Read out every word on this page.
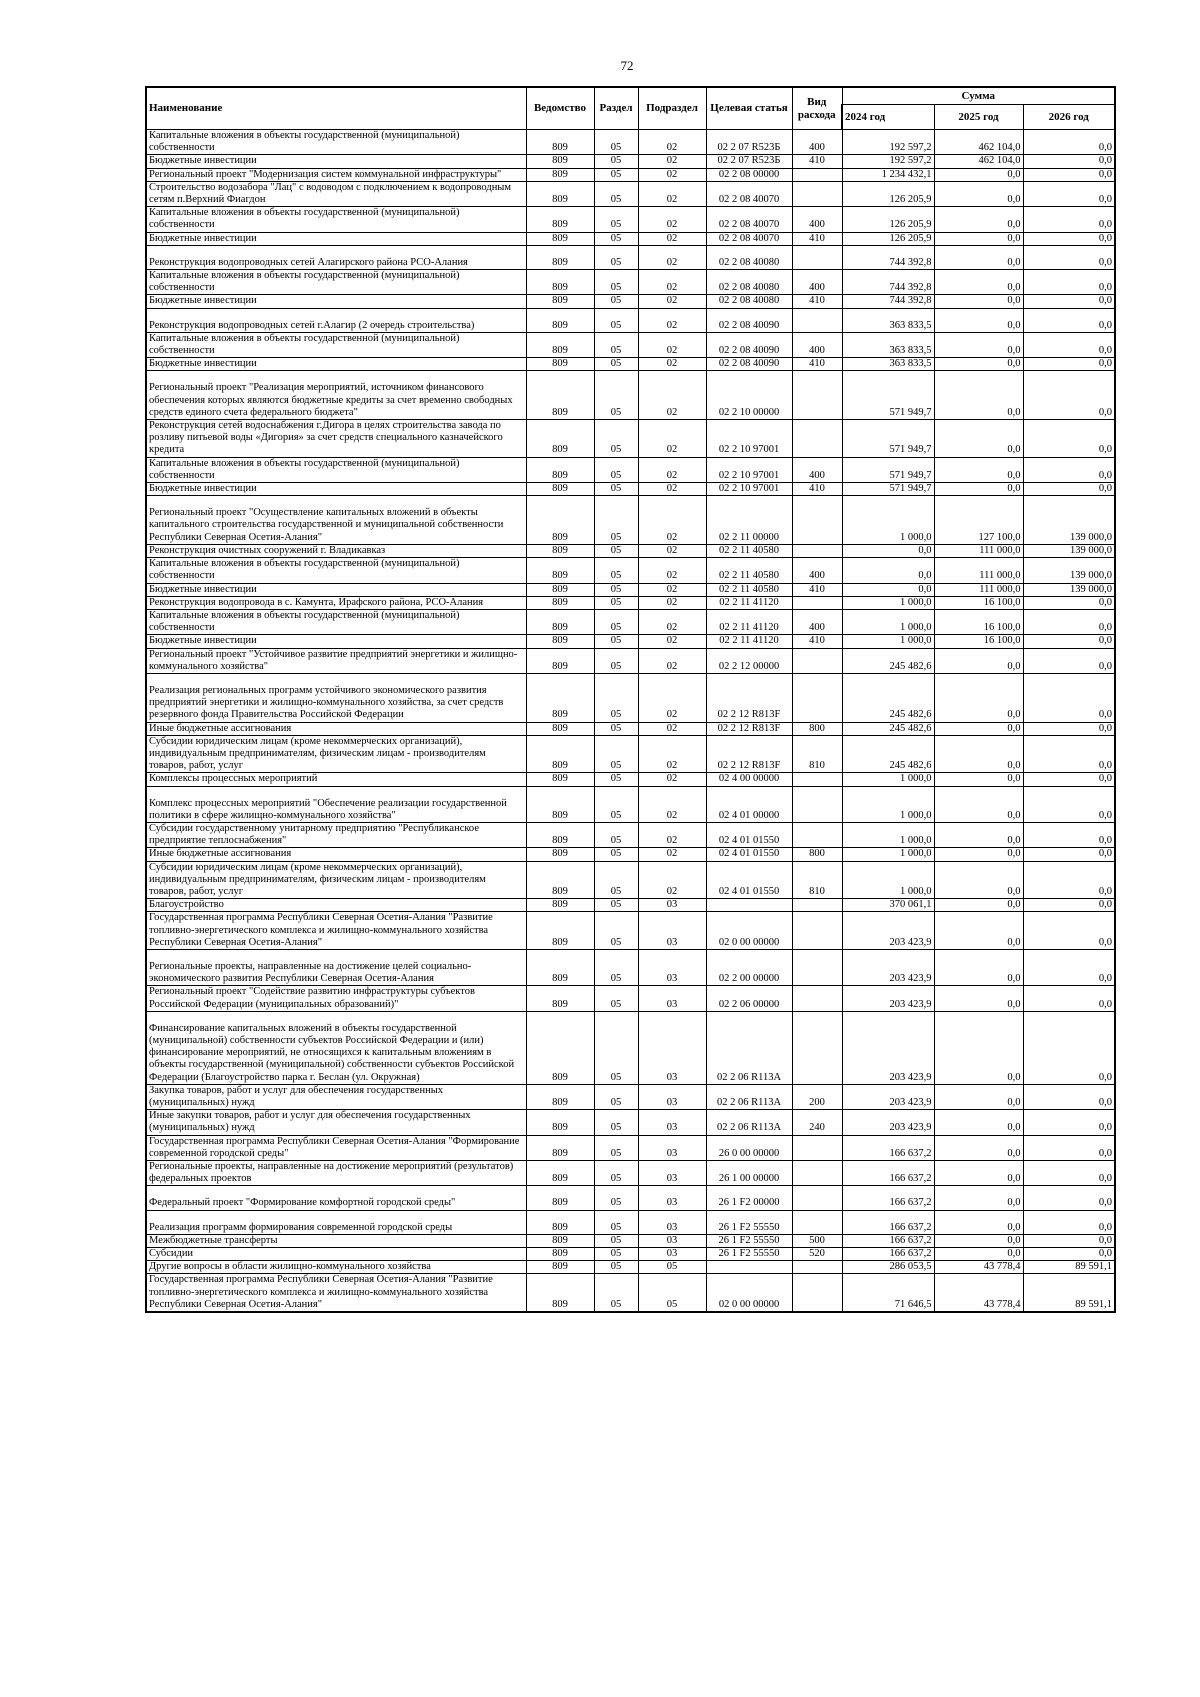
72
Наименование	Ведомство	Раздел	Подраздел	Целевая статья	Вид расхода	Сумма		
						2024 год	2025 год	2026 год
Капитальные вложения в объекты государственной (муниципальной) собственности	809	05	02	02 2 07 R523Б	400	192 597,2	462 104,0	0,0
Бюджетные инвестиции	809	05	02	02 2 07 R523Б	410	192 597,2	462 104,0	0,0
Региональный проект "Модернизация систем коммунальной инфраструктуры"	809	05	02	02 2 08 00000		1 234 432,1	0,0	0,0
Строительство водозабора "Лац" с водоводом с подключением к водопроводным сетям п.Верхний Фиагдон	809	05	02	02 2 08 40070		126 205,9	0,0	0,0
Капитальные вложения в объекты государственной (муниципальной) собственности	809	05	02	02 2 08 40070	400	126 205,9	0,0	0,0
Бюджетные инвестиции	809	05	02	02 2 08 40070	410	126 205,9	0,0	0,0
Реконструкция водопроводных сетей Алагирского района РСО-Алания	809	05	02	02 2 08 40080		744 392,8	0,0	0,0
Капитальные вложения в объекты государственной (муниципальной) собственности	809	05	02	02 2 08 40080	400	744 392,8	0,0	0,0
Бюджетные инвестиции	809	05	02	02 2 08 40080	410	744 392,8	0,0	0,0
Реконструкция водопроводных сетей г.Алагир (2 очередь строительства)	809	05	02	02 2 08 40090		363 833,5	0,0	0,0
Капитальные вложения в объекты государственной (муниципальной) собственности	809	05	02	02 2 08 40090	400	363 833,5	0,0	0,0
Бюджетные инвестиции	809	05	02	02 2 08 40090	410	363 833,5	0,0	0,0
Региональный проект "Реализация мероприятий, источником финансового обеспечения которых являются бюджетные кредиты за счет временно свободных средств единого счета федерального бюджета"	809	05	02	02 2 10 00000		571 949,7	0,0	0,0
Реконструкция сетей водоснабжения г.Дигора в целях строительства завода по розливу питьевой воды «Дигория» за счет средств специального казначейского кредита	809	05	02	02 2 10 97001		571 949,7	0,0	0,0
Капитальные вложения в объекты государственной (муниципальной) собственности	809	05	02	02 2 10 97001	400	571 949,7	0,0	0,0
Бюджетные инвестиции	809	05	02	02 2 10 97001	410	571 949,7	0,0	0,0
Региональный проект "Осуществление капитальных вложений в объекты капитального строительства государственной и муниципальной собственности Республики Северная Осетия-Алания"	809	05	02	02 2 11 00000		1 000,0	127 100,0	139 000,0
Реконструкция очистных сооружений г. Владикавказ	809	05	02	02 2 11 40580		0,0	111 000,0	139 000,0
Капитальные вложения в объекты государственной (муниципальной) собственности	809	05	02	02 2 11 40580	400	0,0	111 000,0	139 000,0
Бюджетные инвестиции	809	05	02	02 2 11 40580	410	0,0	111 000,0	139 000,0
Реконструкция водопровода в с. Камунта, Ирафского района, РСО-Алания	809	05	02	02 2 11 41120		1 000,0	16 100,0	0,0
Капитальные вложения в объекты государственной (муниципальной) собственности	809	05	02	02 2 11 41120	400	1 000,0	16 100,0	0,0
Бюджетные инвестиции	809	05	02	02 2 11 41120	410	1 000,0	16 100,0	0,0
Региональный проект "Устойчивое развитие предприятий энергетики и жилищно-коммунального хозяйства"	809	05	02	02 2 12 00000		245 482,6	0,0	0,0
Реализация региональных программ устойчивого экономического развития предприятий энергетики и жилищно-коммунального хозяйства, за счет средств резервного фонда Правительства Российской Федерации	809	05	02	02 2 12 R813F		245 482,6	0,0	0,0
Иные бюджетные ассигнования	809	05	02	02 2 12 R813F	800	245 482,6	0,0	0,0
Субсидии юридическим лицам (кроме некоммерческих организаций), индивидуальным предпринимателям, физическим лицам - производителям товаров, работ, услуг	809	05	02	02 2 12 R813F	810	245 482,6	0,0	0,0
Комплексы процессных мероприятий	809	05	02	02 4 00 00000		1 000,0	0,0	0,0
Комплекс процессных мероприятий "Обеспечение реализации государственной политики в сфере жилищно-коммунального хозяйства"	809	05	02	02 4 01 00000		1 000,0	0,0	0,0
Субсидии государственному унитарному предприятию "Республиканское предприятие теплоснабжения"	809	05	02	02 4 01 01550		1 000,0	0,0	0,0
Иные бюджетные ассигнования	809	05	02	02 4 01 01550	800	1 000,0	0,0	0,0
Субсидии юридическим лицам (кроме некоммерческих организаций), индивидуальным предпринимателям, физическим лицам - производителям товаров, работ, услуг	809	05	02	02 4 01 01550	810	1 000,0	0,0	0,0
Благоустройство	809	05	03			370 061,1	0,0	0,0
Государственная программа Республики Северная Осетия-Алания "Развитие топливно-энергетического комплекса и жилищно-коммунального хозяйства Республики Северная Осетия-Алания"	809	05	03	02 0 00 00000		203 423,9	0,0	0,0
Региональные проекты, направленные на достижение целей социально-экономического развития Республики Северная Осетия-Алания	809	05	03	02 2 00 00000		203 423,9	0,0	0,0
Региональный проект "Содействие развитию инфраструктуры субъектов Российской Федерации (муниципальных образований)"	809	05	03	02 2 06 00000		203 423,9	0,0	0,0
Финансирование капитальных вложений в объекты государственной (муниципальной) собственности субъектов Российской Федерации и (или) финансирование мероприятий, не относящихся к капитальным вложениям в объекты государственной (муниципальной) собственности субъектов Российской Федерации (Благоустройство парка г. Беслан (ул. Окружная)	809	05	03	02 2 06 R113A		203 423,9	0,0	0,0
Закупка товаров, работ и услуг для обеспечения государственных (муниципальных) нужд	809	05	03	02 2 06 R113A	200	203 423,9	0,0	0,0
Иные закупки товаров, работ и услуг для обеспечения государственных (муниципальных) нужд	809	05	03	02 2 06 R113A	240	203 423,9	0,0	0,0
Государственная программа Республики Северная Осетия-Алания "Формирование современной городской среды"	809	05	03	26 0 00 00000		166 637,2	0,0	0,0
Региональные проекты, направленные на достижение мероприятий (результатов) федеральных проектов	809	05	03	26 1 00 00000		166 637,2	0,0	0,0
Федеральный проект "Формирование комфортной городской среды"	809	05	03	26 1 F2 00000		166 637,2	0,0	0,0
Реализация программ формирования современной городской среды	809	05	03	26 1 F2 55550		166 637,2	0,0	0,0
Межбюджетные трансферты	809	05	03	26 1 F2 55550	500	166 637,2	0,0	0,0
Субсидии	809	05	03	26 1 F2 55550	520	166 637,2	0,0	0,0
Другие вопросы в области жилищно-коммунального хозяйства	809	05	05			286 053,5	43 778,4	89 591,1
Государственная программа Республики Северная Осетия-Алания "Развитие топливно-энергетического комплекса и жилищно-коммунального хозяйства Республики Северная Осетия-Алания"	809	05	05	02 0 00 00000		71 646,5	43 778,4	89 591,1
